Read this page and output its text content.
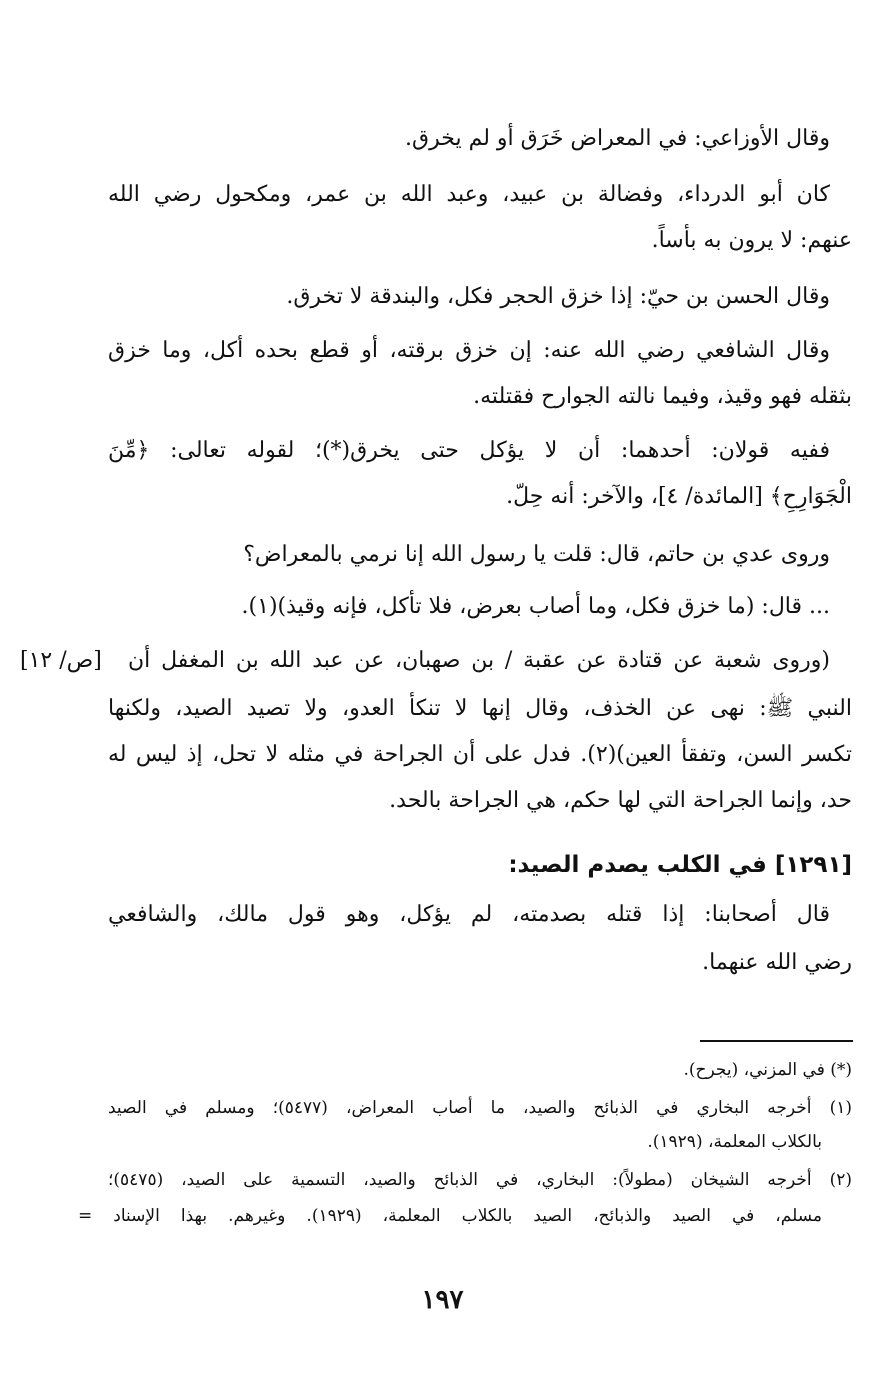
وقال الأوزاعي: في المعراض خَرَق أو لم يخرق.
كان أبو الدرداء، وفضالة بن عبيد، وعبد الله بن عمر، ومكحول رضي الله
عنهم: لا يرون به بأساً.
وقال الحسن بن حيّ: إذا خزق الحجر فكل، والبندقة لا تخرق.
وقال الشافعي رضي الله عنه: إن خزق برقته، أو قطع بحده أكل، وما خزق
بثقله فهو وقيذ، وفيما نالته الجوارح فقتلته.
ففيه قولان: أحدهما: أن لا يؤكل حتى يخرق(*)؛ لقوله تعالى: ﴿مِّنَ
الْجَوَارِحِ﴾ [المائدة/ ٤]، والآخر: أنه حِلّ.
وروى عدي بن حاتم، قال: قلت يا رسول الله إنا نرمي بالمعراض؟
... قال: (ما خزق فكل، وما أصاب بعرض، فلا تأكل، فإنه وقيذ)(١).
[ص/ ١٢]	(وروى شعبة عن قتادة عن عقبة / بن صهبان، عن عبد الله بن المغفل أن
النبي ﷺ: نهى عن الخذف، وقال إنها لا تنكأ العدو، ولا تصيد الصيد، ولكنها
تكسر السن، وتفقأ العين)(٢). فدل على أن الجراحة في مثله لا تحل، إذ ليس له
حد، وإنما الجراحة التي لها حكم، هي الجراحة بالحد.
[١٢٩١] في الكلب يصدم الصيد:
قال أصحابنا: إذا قتله بصدمته، لم يؤكل، وهو قول مالك، والشافعي
رضي الله عنهما.
(*) في المزني، (يجرح).
(١) أخرجه البخاري في الذبائح والصيد، ما أصاب المعراض، (٥٤٧٧)؛ ومسلم في الصيد
بالكلاب المعلمة، (١٩٢٩).
(٢) أخرجه الشيخان (مطولاً): البخاري، في الذبائح والصيد، التسمية على الصيد، (٥٤٧٥)؛
مسلم، في الصيد والذبائح، الصيد بالكلاب المعلمة، (١٩٢٩). وغيرهم. بهذا الإسناد =
١٩٧
